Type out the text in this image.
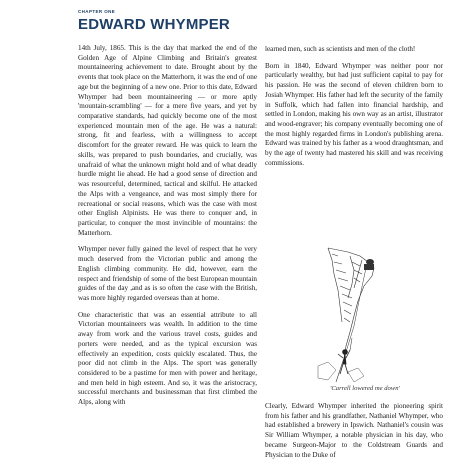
CHAPTER ONE
EDWARD WHYMPER

14th July, 1865. This is the day that marked the end of the Golden Age of Alpine Climbing and Britain's greatest mountaineering achievement to date. Brought about by the events that took place on the Matterhorn, it was the end of one age but the beginning of a new one. Prior to this date, Edward Whymper had been mountaineering — or more aptly 'mountain-scrambling' — for a mere five years, and yet by comparative standards, had quickly become one of the most experienced mountain men of the age. He was a natural: strong, fit and fearless, with a willingness to accept discomfort for the greater reward. He was quick to learn the skills, was prepared to push boundaries, and crucially, was unafraid of what the unknown might hold and of what deadly hurdle might lie ahead. He had a good sense of direction and was resourceful, determined, tactical and skilful. He attacked the Alps with a vengeance, and was most simply there for recreational or social reasons, which was the case with most other English Alpinists. He was there to conquer and, in particular, to conquer the most invincible of mountains: the Matterhorn.

Whymper never fully gained the level of respect that he very much deserved from the Victorian public and among the English climbing community. He did, however, earn the respect and friendship of some of the best European mountain guides of the day ,and as is so often the case with the British, was more highly regarded overseas than at home.

One characteristic that was an essential attribute to all Victorian mountaineers was wealth. In addition to the time away from work and the various travel costs, guides and porters were needed, and as the typical excursion was effectively an expedition, costs quickly escalated. Thus, the poor did not climb in the Alps. The sport was generally considered to be a pastime for men with power and heritage, and men held in high esteem. And so, it was the aristocracy, successful merchants and businessman that first climbed the Alps, along with

learned men, such as scientists and men of the cloth!

Born in 1840, Edward Whymper was neither poor nor particularly wealthy, but had just sufficient capital to pay for his passion. He was the second of eleven children born to Josiah Whymper. His father had left the security of the family in Suffolk, which had fallen into financial hardship, and settled in London, making his own way as an artist, illustrator and wood-engraver; his company eventually becoming one of the most highly regarded firms in London's publishing arena. Edward was trained by his father as a wood draughtsman, and by the age of twenty had mastered his skill and was receiving commissions.

'Carrell lowered me down'

Clearly, Edward Whymper inherited the pioneering spirit from his father and his grandfather, Nathaniel Whymper, who had established a brewery in Ipswich. Nathaniel's cousin was Sir William Whymper, a notable physician in his day, who became Surgeon-Major to the Coldstream Guards and Physician to the Duke of
